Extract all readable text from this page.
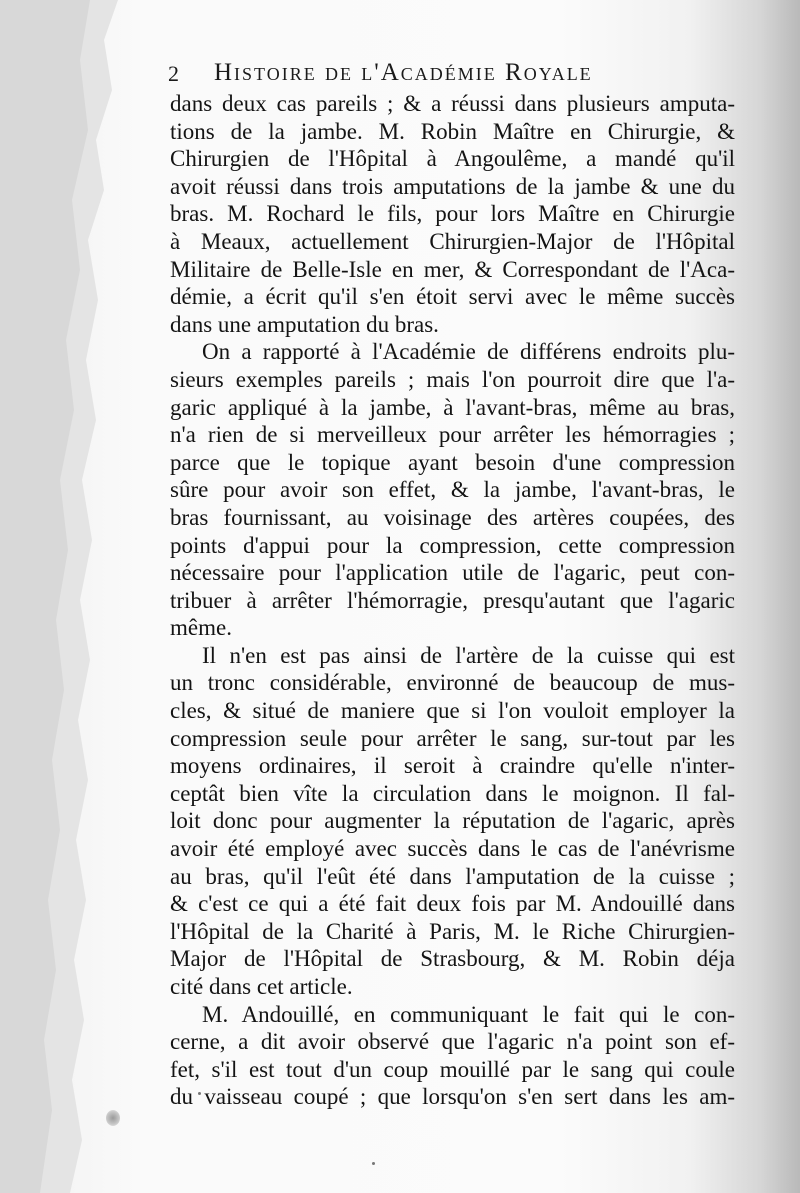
2 Histoire de l'Académie Royale
dans deux cas pareils ; & a réussi dans plusieurs amputa-
tions de la jambe. M. Robin Maître en Chirurgie, &
Chirurgien de l'Hôpital à Angoulême, a mandé qu'il
avoit réussi dans trois amputations de la jambe & une du
bras. M. Rochard le fils, pour lors Maître en Chirurgie
à Meaux, actuellement Chirurgien-Major de l'Hôpital
Militaire de Belle-Isle en mer, & Correspondant de l'Aca-
démie, a écrit qu'il s'en étoit servi avec le même succès
dans une amputation du bras.
On a rapporté à l'Académie de différens endroits plu-
sieurs exemples pareils ; mais l'on pourroit dire que l'a-
garic appliqué à la jambe, à l'avant-bras, même au bras,
n'a rien de si merveilleux pour arrêter les hémorragies ;
parce que le topique ayant besoin d'une compression
sûre pour avoir son effet, & la jambe, l'avant-bras, le
bras fournissant, au voisinage des artères coupées, des
points d'appui pour la compression, cette compression
nécessaire pour l'application utile de l'agaric, peut con-
tribuer à arrêter l'hémorragie, presqu'autant que l'agaric
même.
Il n'en est pas ainsi de l'artère de la cuisse qui est
un tronc considérable, environné de beaucoup de mus-
cles, & situé de maniere que si l'on vouloit employer la
compression seule pour arrêter le sang, sur-tout par les
moyens ordinaires, il seroit à craindre qu'elle n'inter-
ceptât bien vîte la circulation dans le moignon. Il fal-
loit donc pour augmenter la réputation de l'agaric, après
avoir été employé avec succès dans le cas de l'anévrisme
au bras, qu'il l'eût été dans l'amputation de la cuisse ;
& c'est ce qui a été fait deux fois par M. Andouillé dans
l'Hôpital de la Charité à Paris, M. le Riche Chirurgien-
Major de l'Hôpital de Strasbourg, & M. Robin déja
cité dans cet article.
M. Andouillé, en communiquant le fait qui le con-
cerne, a dit avoir observé que l'agaric n'a point son ef-
fet, s'il est tout d'un coup mouillé par le sang qui coule
du vaisseau coupé ; que lorsqu'on s'en sert dans les am-
